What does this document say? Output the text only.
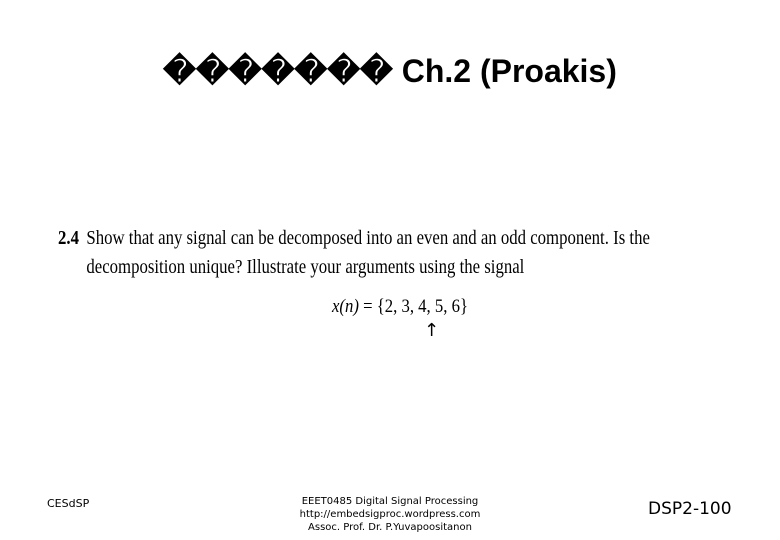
������� Ch.2 (Proakis)
2.4 Show that any signal can be decomposed into an even and an odd component. Is the
decomposition unique? Illustrate your arguments using the signal
x(n) = {2, 3, 4, 5, 6}
↑
CESdSP	EEET0485 Digital Signal Processing
http://embedsigproc.wordpress.com
Assoc. Prof. Dr. P.Yuvapoositanon
DSP2-100
